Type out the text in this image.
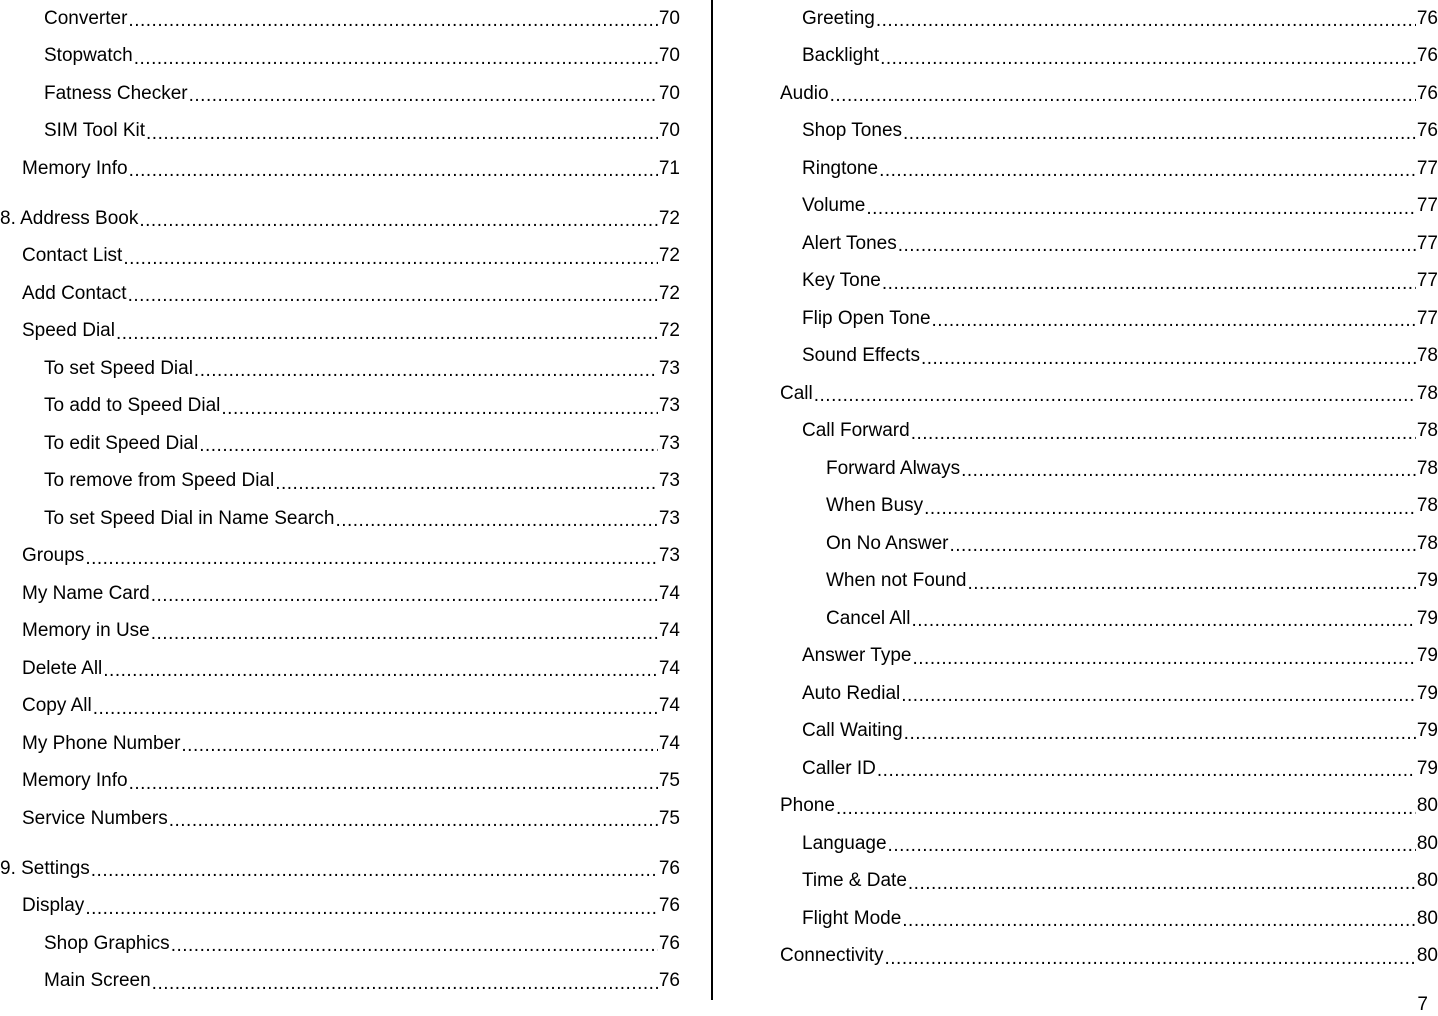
Converter .....	70
Stopwatch .....	70
Fatness Checker .....	70
SIM Tool Kit .....	70
Memory Info .....	71
8. Address Book .....	72
Contact List .....	72
Add Contact .....	72
Speed Dial .....	72
To set Speed Dial .....	73
To add to Speed Dial .....	73
To edit Speed Dial .....	73
To remove from Speed Dial .....	73
To set Speed Dial in Name Search .....	73
Groups .....	73
My Name Card .....	74
Memory in Use .....	74
Delete All .....	74
Copy All .....	74
My Phone Number .....	74
Memory Info .....	75
Service Numbers .....	75
9. Settings .....	76
Display .....	76
Shop Graphics .....	76
Main Screen .....	76
Greeting .....	76
Backlight .....	76
Audio .....	76
Shop Tones .....	76
Ringtone .....	77
Volume .....	77
Alert Tones .....	77
Key Tone .....	77
Flip Open Tone .....	77
Sound Effects .....	78
Call .....	78
Call Forward .....	78
Forward Always .....	78
When Busy .....	78
On No Answer .....	78
When not Found .....	79
Cancel All .....	79
Answer Type .....	79
Auto Redial .....	79
Call Waiting .....	79
Caller ID .....	79
Phone .....	80
Language .....	80
Time & Date .....	80
Flight Mode .....	80
Connectivity .....	80
7
